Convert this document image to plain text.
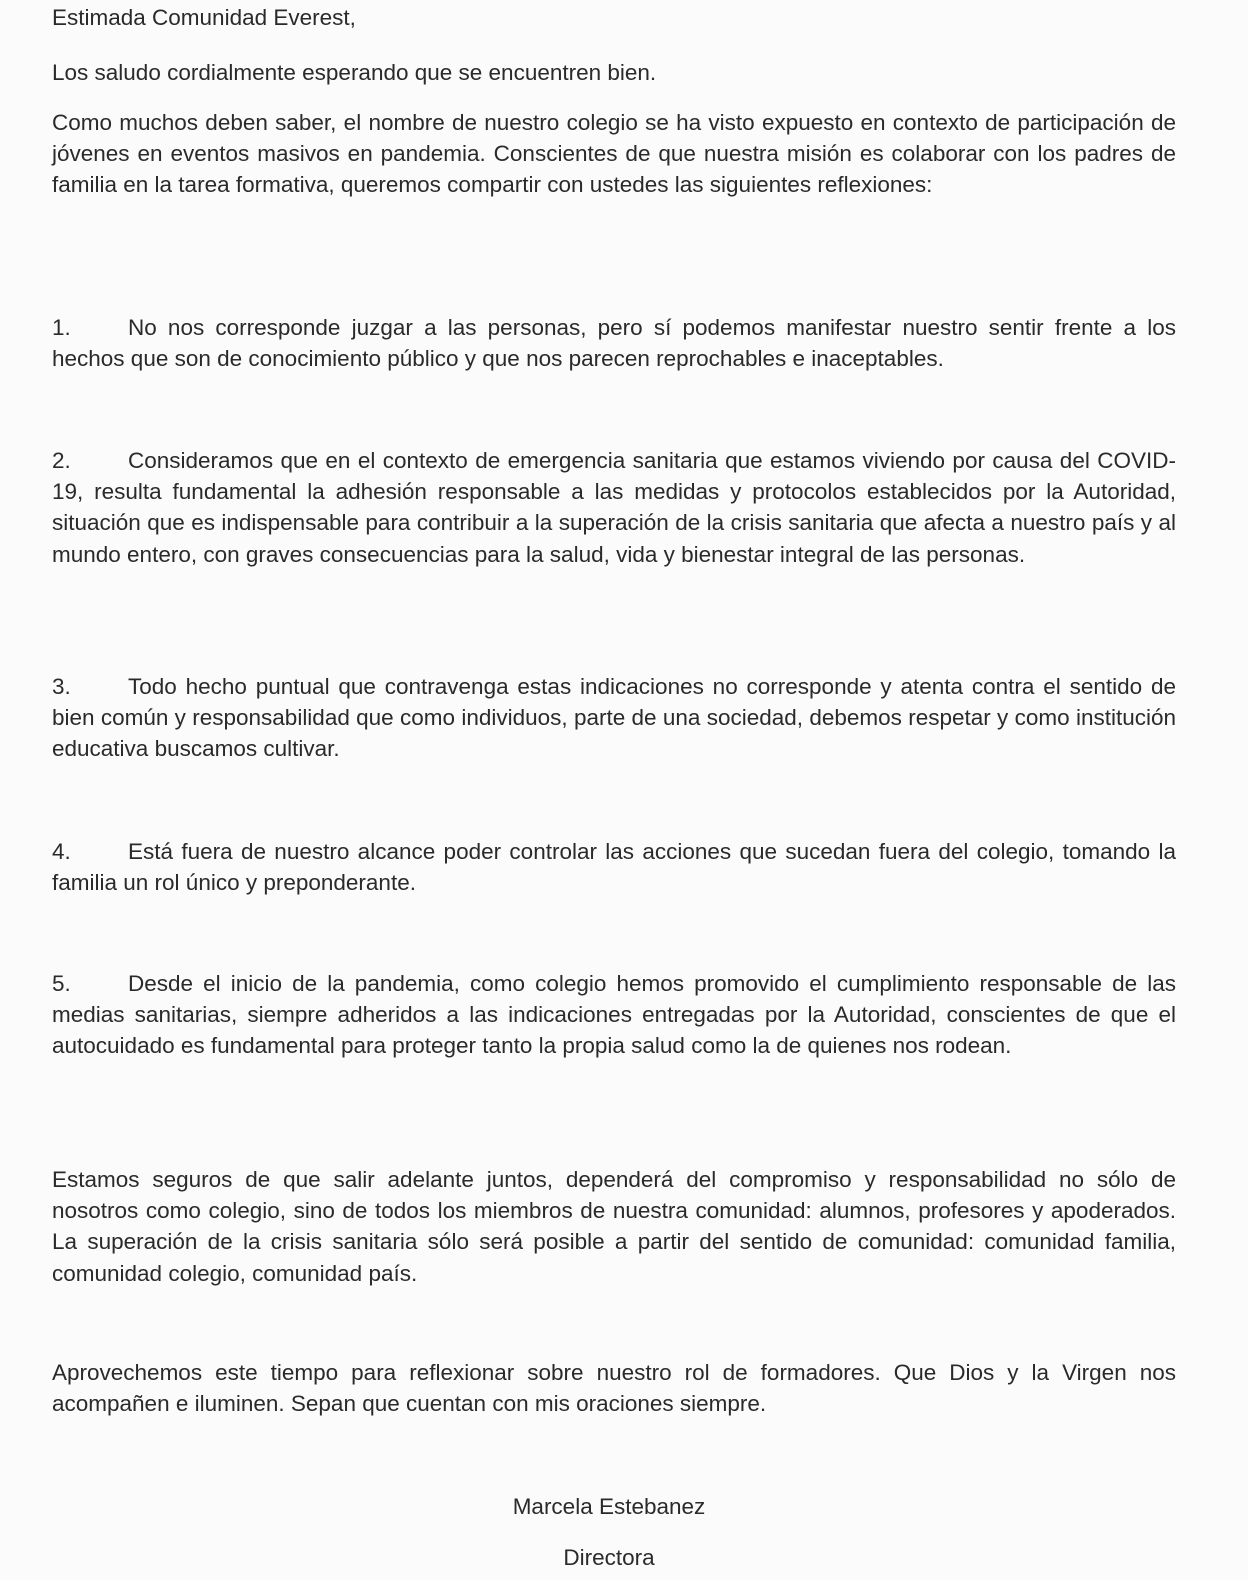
Estimada Comunidad Everest,

Los saludo cordialmente esperando que se encuentren bien.

Como muchos deben saber, el nombre de nuestro colegio se ha visto expuesto en contexto de participación de jóvenes en eventos masivos en pandemia. Conscientes de que nuestra misión es colaborar con los padres de familia en la tarea formativa, queremos compartir con ustedes las siguientes reflexiones:

1.	No nos corresponde juzgar a las personas, pero sí podemos manifestar nuestro sentir frente a los hechos que son de conocimiento público y que nos parecen reprochables e inaceptables.

2.	Consideramos que en el contexto de emergencia sanitaria que estamos viviendo por causa del COVID-19, resulta fundamental la adhesión responsable a las medidas y protocolos establecidos por la Autoridad, situación que es indispensable para contribuir a la superación de la crisis sanitaria que afecta a nuestro país y al mundo entero, con graves consecuencias para la salud, vida y bienestar integral de las personas.

3.	Todo hecho puntual que contravenga estas indicaciones no corresponde y atenta contra el sentido de bien común y responsabilidad que como individuos, parte de una sociedad, debemos respetar y como institución educativa buscamos cultivar.

4.	Está fuera de nuestro alcance poder controlar las acciones que sucedan fuera del colegio, tomando la familia un rol único y preponderante.

5.	Desde el inicio de la pandemia, como colegio hemos promovido el cumplimiento responsable de las medias sanitarias, siempre adheridos a las indicaciones entregadas por la Autoridad, conscientes de que el autocuidado es fundamental para proteger tanto la propia salud como la de quienes nos rodean.

Estamos seguros de que salir adelante juntos, dependerá del compromiso y responsabilidad no sólo de nosotros como colegio, sino de todos los miembros de nuestra comunidad: alumnos, profesores y apoderados. La superación de la crisis sanitaria sólo será posible a partir del sentido de comunidad: comunidad familia, comunidad colegio, comunidad país.

Aprovechemos este tiempo para reflexionar sobre nuestro rol de formadores. Que Dios y la Virgen nos acompañen e iluminen. Sepan que cuentan con mis oraciones siempre.

Marcela Estebanez

Directora
